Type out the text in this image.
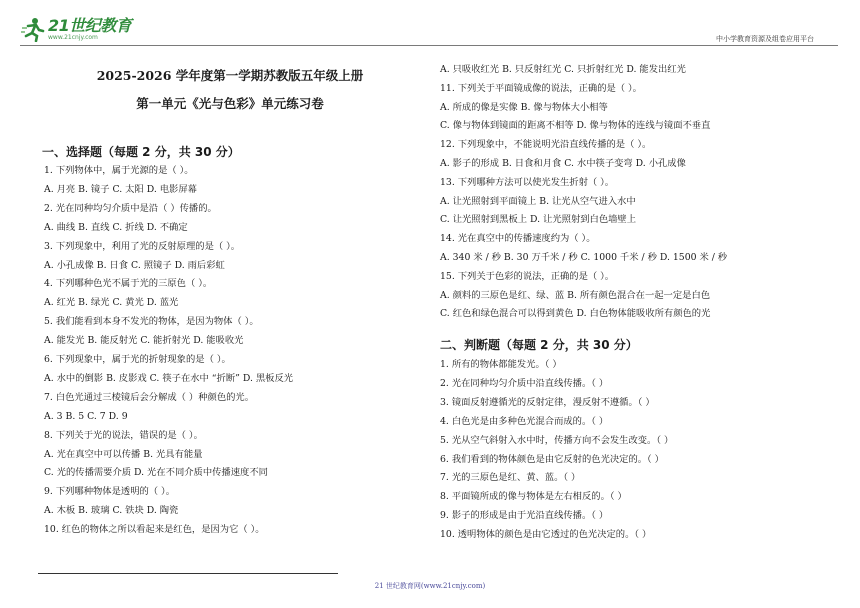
21世纪教育
www.21cnjy.com	中小学教育资源及组卷应用平台
2025-2026 学年度第一学期苏教版五年级上册
第一单元《光与色彩》单元练习卷
一、选择题（每题 2 分，共 30 分）
1. 下列物体中，属于光源的是（ ）。
A. 月亮 B. 镜子 C. 太阳 D. 电影屏幕
2. 光在同种均匀介质中是沿（ ）传播的。
A. 曲线 B. 直线 C. 折线 D. 不确定
3. 下列现象中，利用了光的反射原理的是（ ）。
A. 小孔成像 B. 日食 C. 照镜子 D. 雨后彩虹
4. 下列哪种色光不属于光的三原色（ ）。
A. 红光 B. 绿光 C. 黄光 D. 蓝光
5. 我们能看到本身不发光的物体，是因为物体（ ）。
A. 能发光 B. 能反射光 C. 能折射光 D. 能吸收光
6. 下列现象中，属于光的折射现象的是（ ）。
A. 水中的倒影 B. 皮影戏 C. 筷子在水中 “折断” D. 黑板反光
7. 白色光通过三棱镜后会分解成（ ）种颜色的光。
A. 3 B. 5 C. 7 D. 9
8. 下列关于光的说法，错误的是（ ）。
A. 光在真空中可以传播 B. 光具有能量
C. 光的传播需要介质 D. 光在不同介质中传播速度不同
9. 下列哪种物体是透明的（ ）。
A. 木板 B. 玻璃 C. 铁块 D. 陶瓷
10. 红色的物体之所以看起来是红色，是因为它（ ）。
A. 只吸收红光 B. 只反射红光 C. 只折射红光 D. 能发出红光
11. 下列关于平面镜成像的说法，正确的是（ ）。
A. 所成的像是实像 B. 像与物体大小相等
C. 像与物体到镜面的距离不相等 D. 像与物体的连线与镜面不垂直
12. 下列现象中，不能说明光沿直线传播的是（ ）。
A. 影子的形成 B. 日食和月食 C. 水中筷子变弯 D. 小孔成像
13. 下列哪种方法可以使光发生折射（ ）。
A. 让光照射到平面镜上 B. 让光从空气进入水中
C. 让光照射到黑板上 D. 让光照射到白色墙壁上
14. 光在真空中的传播速度约为（ ）。
A. 340 米 / 秒 B. 30 万千米 / 秒 C. 1000 千米 / 秒 D. 1500 米 / 秒
15. 下列关于色彩的说法，正确的是（ ）。
A. 颜料的三原色是红、绿、蓝 B. 所有颜色混合在一起一定是白色
C. 红色和绿色混合可以得到黄色 D. 白色物体能吸收所有颜色的光
二、判断题（每题 2 分，共 30 分）
1. 所有的物体都能发光。（ ）
2. 光在同种均匀介质中沿直线传播。（ ）
3. 镜面反射遵循光的反射定律，漫反射不遵循。（ ）
4. 白色光是由多种色光混合而成的。（ ）
5. 光从空气斜射入水中时，传播方向不会发生改变。（ ）
6. 我们看到的物体颜色是由它反射的色光决定的。（ ）
7. 光的三原色是红、黄、蓝。（ ）
8. 平面镜所成的像与物体是左右相反的。（ ）
9. 影子的形成是由于光沿直线传播。（ ）
10. 透明物体的颜色是由它透过的色光决定的。（ ）
21 世纪教育网(www.21cnjy.com)
